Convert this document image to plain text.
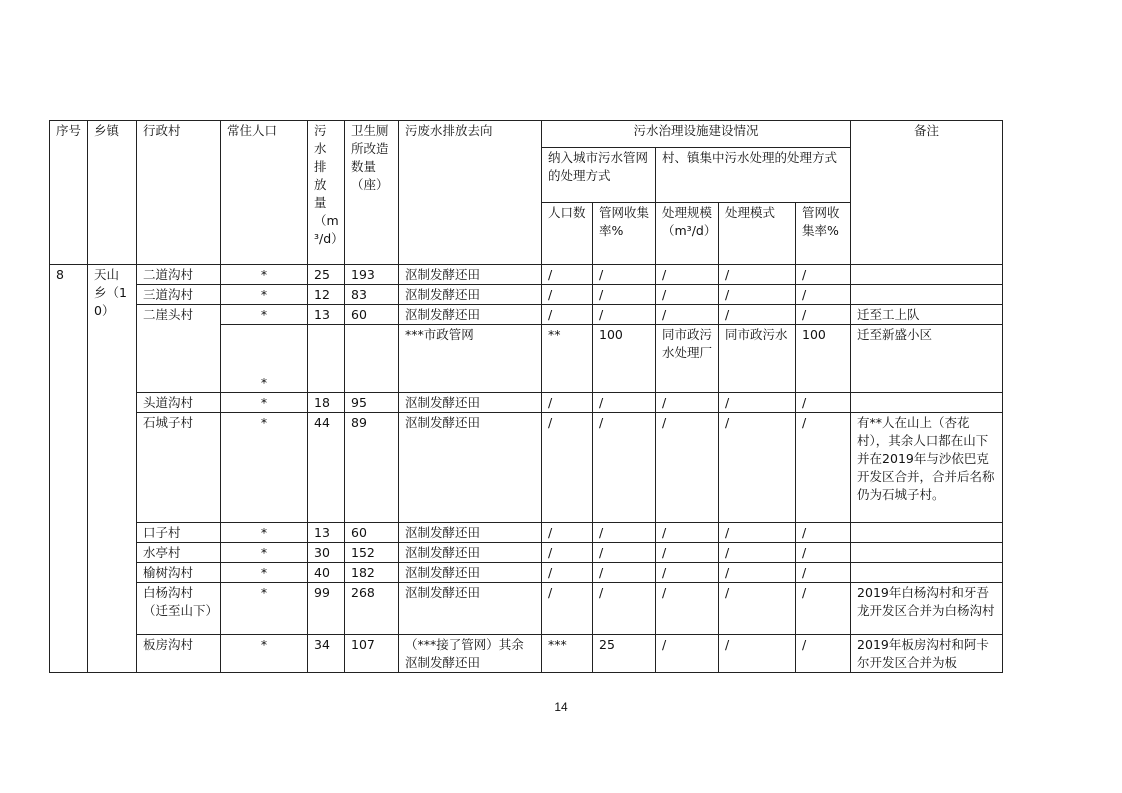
序号	乡镇	行政村	常住人口	污水排放量（m³/d）	卫生厕所改造数量（座）	污废水排放去向	污水治理设施建设情况					备注
							纳入城市污水管网的处理方式		村、镇集中污水处理的处理方式			
							人口数	管网收集率%	处理规模（m³/d）	处理模式	管网收集率%	
8	天山乡（10）	二道沟村	*	25	193	沤制发酵还田	/	/	/	/	/	
		三道沟村	*	12	83	沤制发酵还田	/	/	/	/	/	
		二崖头村	*	13	60	沤制发酵还田	/	/	/	/	/	迁至工上队
			*			***市政管网	**	100	同市政污水处理厂	同市政污水	100	迁至新盛小区
		头道沟村	*	18	95	沤制发酵还田	/	/	/	/	/	
		石城子村	*	44	89	沤制发酵还田	/	/	/	/	/	有**人在山上（杏花村），其余人口都在山下并在2019年与沙依巴克开发区合并，合并后名称仍为石城子村。
		口子村	*	13	60	沤制发酵还田	/	/	/	/	/	
		水亭村	*	30	152	沤制发酵还田	/	/	/	/	/	
		榆树沟村	*	40	182	沤制发酵还田	/	/	/	/	/	
		白杨沟村（迁至山下）	*	99	268	沤制发酵还田	/	/	/	/	/	2019年白杨沟村和牙吾龙开发区合并为白杨沟村
		板房沟村	*	34	107	（***接了管网）其余沤制发酵还田	***	25	/	/	/	2019年板房沟村和阿卡尔开发区合并为板
14
